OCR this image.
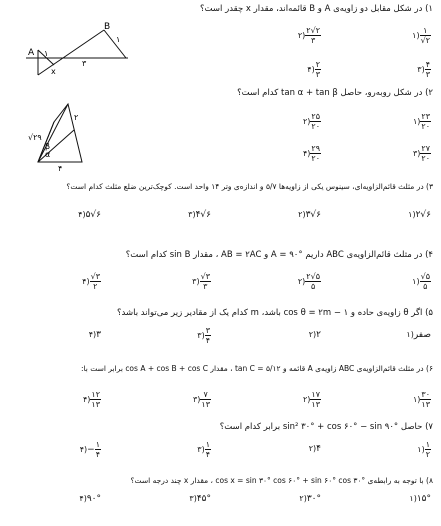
۱) در شکل مقابل دو زاویه‌ی A و B قائمه‌اند، مقدار x چقدر است؟
A
B
x
۱
۱
۳
۱) $\frac{۱}{√۲}$
۲) $\frac{۲√۲}{۳}$
۳) $\frac{۴}{۳}$
۴) $\frac{۲}{۳}$
۲) در شکل روبه‌رو، حاصل tan α + tan β کدام است؟
√۲۹
α
β
۴
۲	۱) $\frac{۲۳}{۲۰}$
۲) $\frac{۲۵}{۲۰}$
۳) $\frac{۲۷}{۲۰}$
۴) $\frac{۲۹}{۲۰}$
۳) در مثلث قائم‌الزاویه‌ای، سینوس یکی از زاویه‌ها ۵/۷ و اندازه‌ی وتر ۱۴ واحد است. کوچک‌ترین ضلع مثلث کدام است؟
۱)۲√۶
۲)۳√۶
۳)۴√۶
۴)۵√۶
۴) در مثلث قائم‌الزاویه‌ی ABC داریم A = ۹۰° و AB = ۲AC ، مقدار sin B کدام است؟
۱) $\frac{√۵}{۵}$
۲) $\frac{۲√۵}{۵}$
۳) $\frac{√۳}{۳}$
۴) $\frac{√۳}{۲}$
۵) اگر θ زاویه‌ی حاده و cos θ = ۲m − ۱ باشد، m کدام یک از مقادیر زیر می‌تواند باشد؟
۱)صفر
۲)۲
۳) $\frac{۳}{۴}$
۴)۳
۶) در مثلث قائم‌الزاویه‌ی ABC زاویه‌ی A قائمه و tan C = ۵/۱۲ ، مقدار cos A + cos B + cos C برابر است با:
۱) $\frac{۳۰}{۱۳}$
۲) $\frac{۱۷}{۱۳}$
۳) $\frac{۷}{۱۳}$
۴) $\frac{۱۲}{۱۳}$
۷) حاصل sin² ۳۰° + cos ۶۰° − sin ۹۰° برابر کدام است؟
۱) $\frac{۱}{۲}$
۲)۴
۳) $\frac{۱}{۴}$
۴)− $\frac{۱}{۴}$
۸) با توجه به رابطه‌ی cos x = sin ۳۰° cos ۶۰° + sin ۶۰° cos ۳۰° ، مقدار x چند درجه است؟
۱)۱۵°
۲)۳۰°
۳)۴۵°
۴)۹۰°
